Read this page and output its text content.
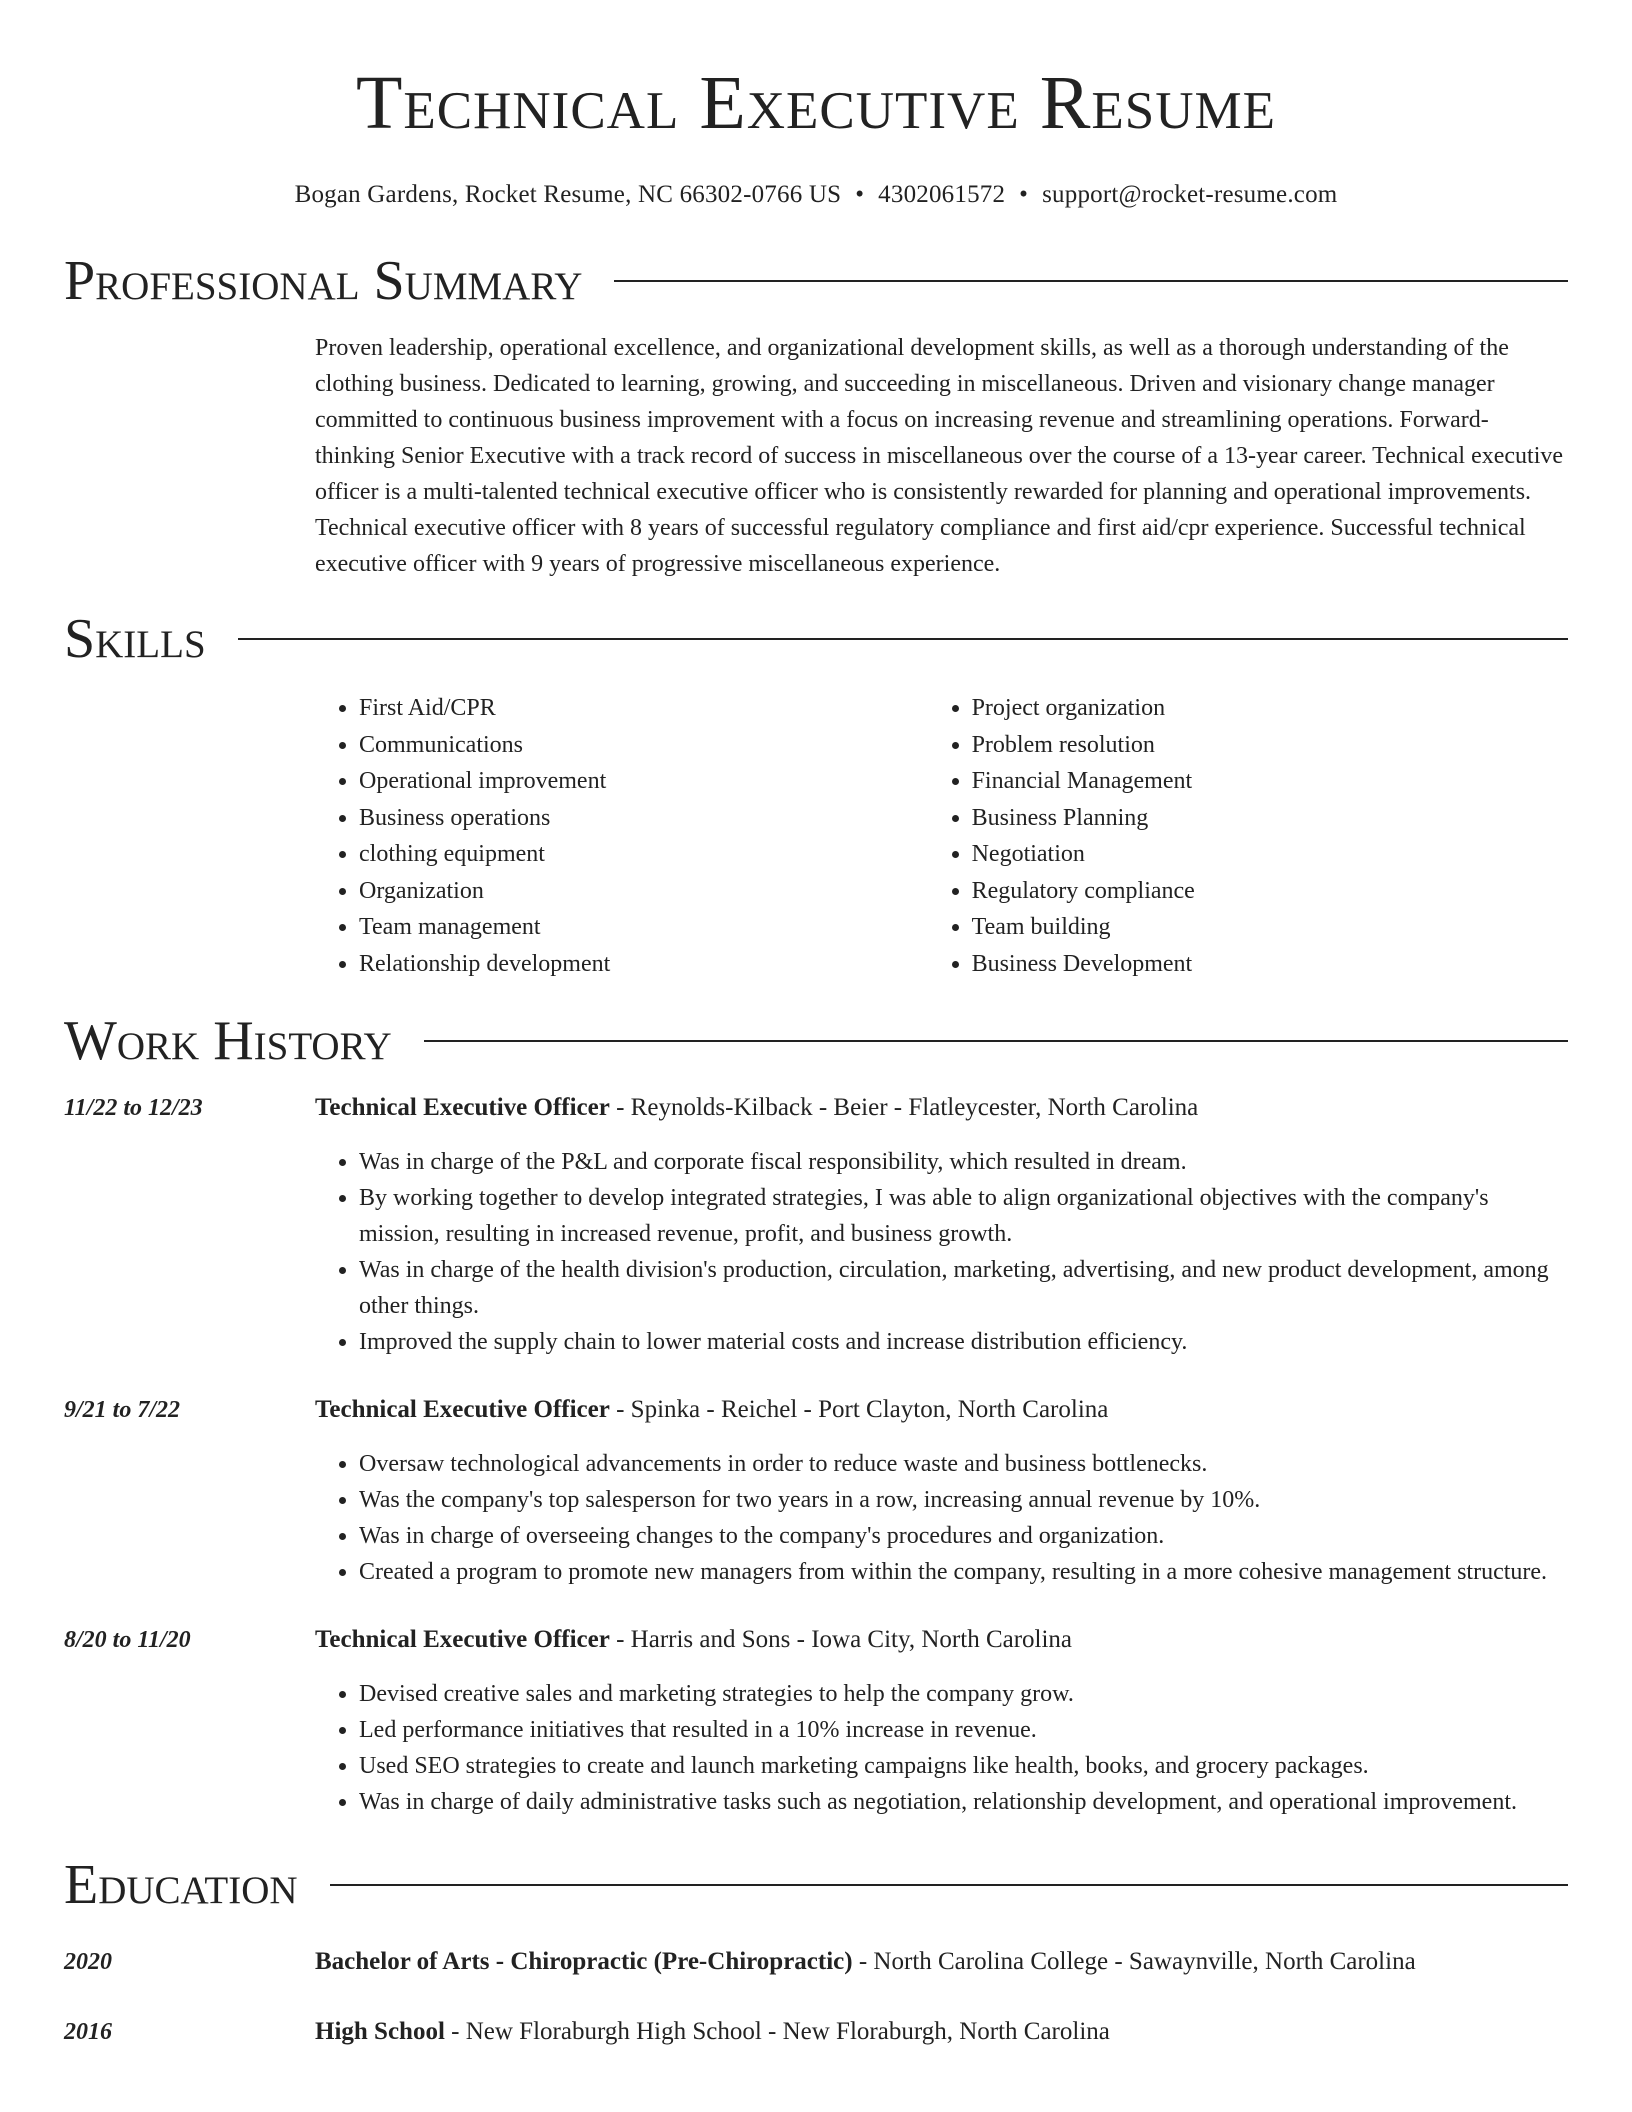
Technical Executive Resume
Bogan Gardens, Rocket Resume, NC 66302-0766 US • 4302061572 • support@rocket-resume.com
Professional Summary
Proven leadership, operational excellence, and organizational development skills, as well as a thorough understanding of the clothing business. Dedicated to learning, growing, and succeeding in miscellaneous. Driven and visionary change manager committed to continuous business improvement with a focus on increasing revenue and streamlining operations. Forward-thinking Senior Executive with a track record of success in miscellaneous over the course of a 13-year career. Technical executive officer is a multi-talented technical executive officer who is consistently rewarded for planning and operational improvements. Technical executive officer with 8 years of successful regulatory compliance and first aid/cpr experience. Successful technical executive officer with 9 years of progressive miscellaneous experience.
Skills
• First Aid/CPR
• Communications
• Operational improvement
• Business operations
• clothing equipment
• Organization
• Team management
• Relationship development
• Project organization
• Problem resolution
• Financial Management
• Business Planning
• Negotiation
• Regulatory compliance
• Team building
• Business Development
Work History
11/22 to 12/23	Technical Executive Officer - Reynolds-Kilback - Beier - Flatleycester, North Carolina
• Was in charge of the P&L and corporate fiscal responsibility, which resulted in dream.
• By working together to develop integrated strategies, I was able to align organizational objectives with the company's mission, resulting in increased revenue, profit, and business growth.
• Was in charge of the health division's production, circulation, marketing, advertising, and new product development, among other things.
• Improved the supply chain to lower material costs and increase distribution efficiency.
9/21 to 7/22	Technical Executive Officer - Spinka - Reichel - Port Clayton, North Carolina
• Oversaw technological advancements in order to reduce waste and business bottlenecks.
• Was the company's top salesperson for two years in a row, increasing annual revenue by 10%.
• Was in charge of overseeing changes to the company's procedures and organization.
• Created a program to promote new managers from within the company, resulting in a more cohesive management structure.
8/20 to 11/20	Technical Executive Officer - Harris and Sons - Iowa City, North Carolina
• Devised creative sales and marketing strategies to help the company grow.
• Led performance initiatives that resulted in a 10% increase in revenue.
• Used SEO strategies to create and launch marketing campaigns like health, books, and grocery packages.
• Was in charge of daily administrative tasks such as negotiation, relationship development, and operational improvement.
Education
2020	Bachelor of Arts - Chiropractic (Pre-Chiropractic) - North Carolina College - Sawaynville, North Carolina
2016	High School - New Floraburgh High School - New Floraburgh, North Carolina
